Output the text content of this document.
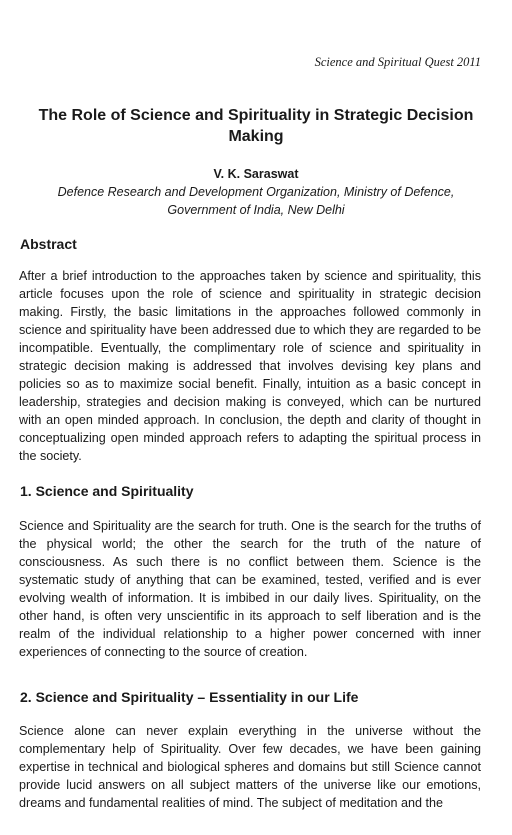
Science and Spiritual Quest 2011
The Role of Science and Spirituality in Strategic Decision Making
V. K. Saraswat
Defence Research and Development Organization, Ministry of Defence, Government of India, New Delhi
Abstract

After a brief introduction to the approaches taken by science and spirituality, this article focuses upon the role of science and spirituality in strategic decision making. Firstly, the basic limitations in the approaches followed commonly in science and spirituality have been addressed due to which they are regarded to be incompatible. Eventually, the complimentary role of science and spirituality in strategic decision making is addressed that involves devising key plans and policies so as to maximize social benefit. Finally, intuition as a basic concept in leadership, strategies and decision making is conveyed, which can be nurtured with an open minded approach. In conclusion, the depth and clarity of thought in conceptualizing open minded approach refers to adapting the spiritual process in the society.

1. Science and Spirituality

Science and Spirituality are the search for truth. One is the search for the truths of the physical world; the other the search for the truth of the nature of consciousness. As such there is no conflict between them. Science is the systematic study of anything that can be examined, tested, verified and is ever evolving wealth of information. It is imbibed in our daily lives. Spirituality, on the other hand, is often very unscientific in its approach to self liberation and is the realm of the individual relationship to a higher power concerned with inner experiences of connecting to the source of creation.

2. Science and Spirituality – Essentiality in our Life

Science alone can never explain everything in the universe without the complementary help of Spirituality. Over few decades, we have been gaining expertise in technical and biological spheres and domains but still Science cannot provide lucid answers on all subject matters of the universe like our emotions, dreams and fundamental realities of mind. The subject of meditation and the
